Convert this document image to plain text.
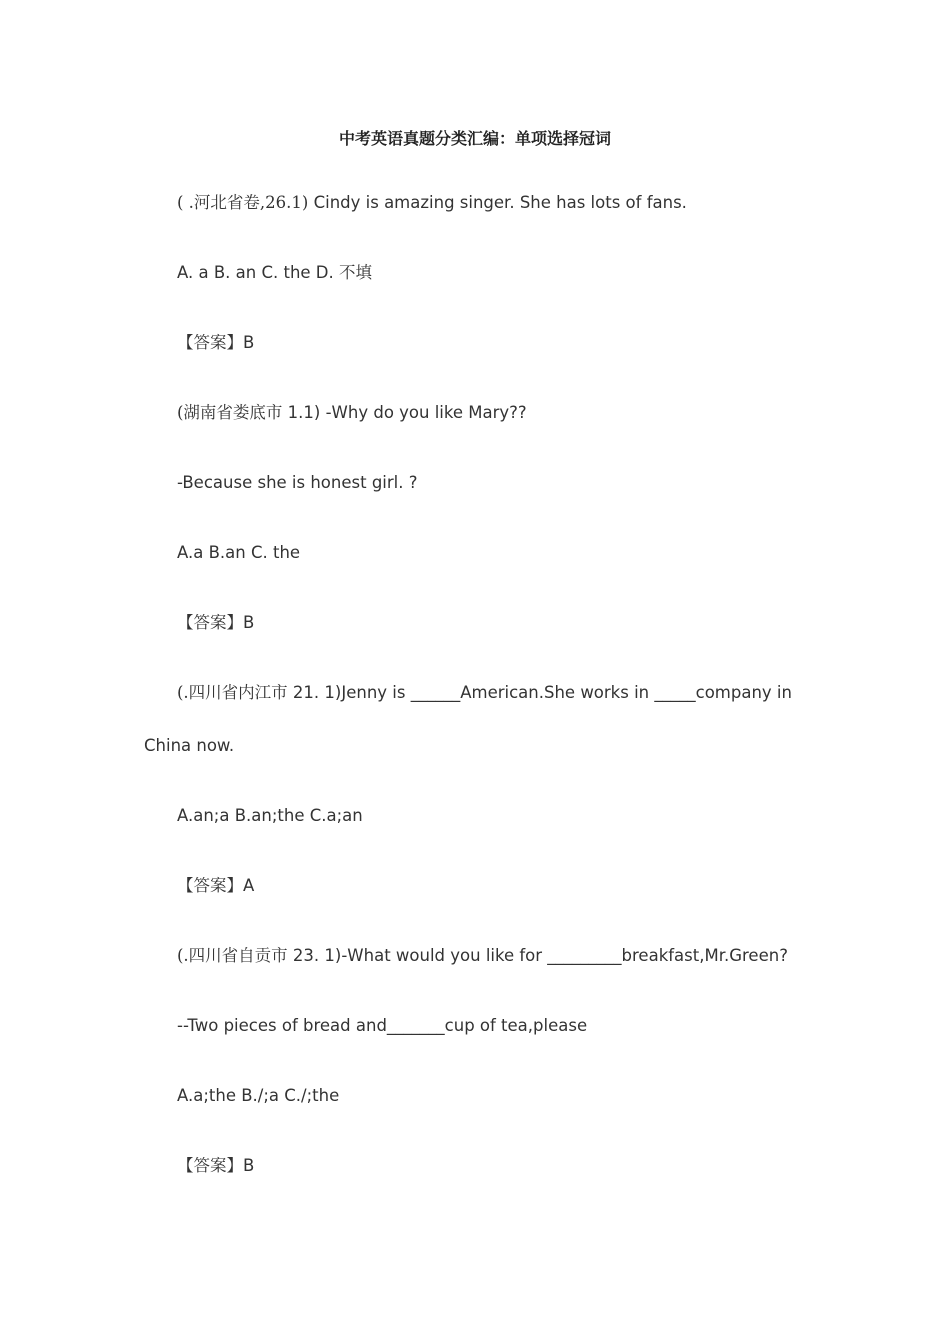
中考英语真题分类汇编：单项选择冠词

( .河北省卷,26.1) Cindy is amazing singer. She has lots of fans.

A. a B. an C. the D. 不填

【答案】B

(湖南省娄底市 1.1) -Why do you like Mary??

-Because she is honest girl. ?

A.a B.an C. the

【答案】B

(.四川省内江市 21. 1)Jenny is ______American.She works in _____company in

China now.

A.an;a B.an;the C.a;an

【答案】A

(.四川省自贡市 23. 1)-What would you like for _________breakfast,Mr.Green?

--Two pieces of bread and_______cup of tea,please

A.a;the B./;a C./;the

【答案】B
